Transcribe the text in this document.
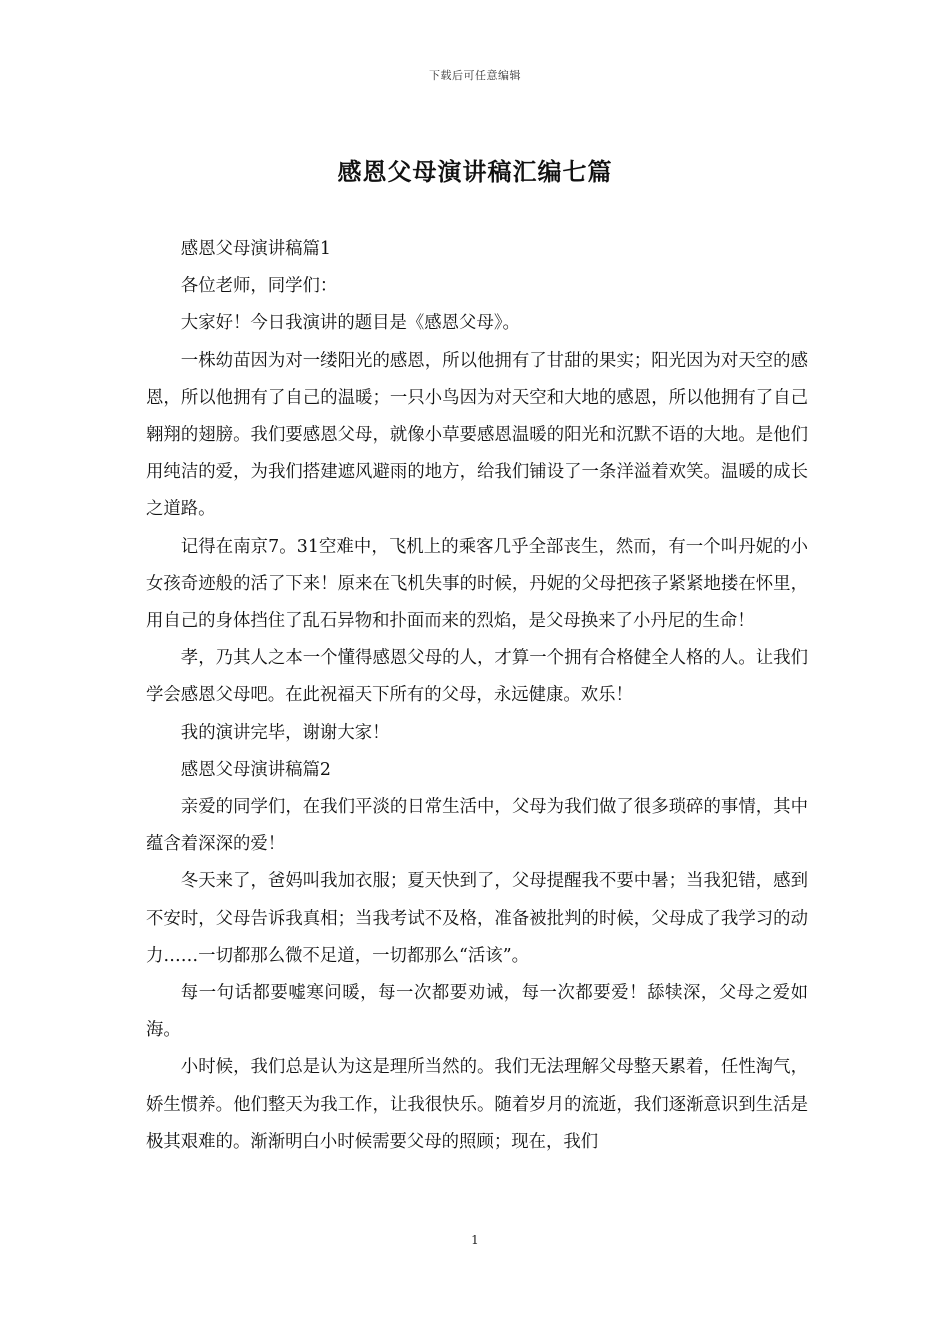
下载后可任意编辑
感恩父母演讲稿汇编七篇

感恩父母演讲稿篇1

各位老师，同学们：

大家好！今日我演讲的题目是《感恩父母》。

一株幼苗因为对一缕阳光的感恩，所以他拥有了甘甜的果实；阳光因为对天空的感恩，所以他拥有了自己的温暖；一只小鸟因为对天空和大地的感恩，所以他拥有了自己翱翔的翅膀。我们要感恩父母，就像小草要感恩温暖的阳光和沉默不语的大地。是他们用纯洁的爱，为我们搭建遮风避雨的地方，给我们铺设了一条洋溢着欢笑。温暖的成长之道路。

记得在南京7。31空难中，飞机上的乘客几乎全部丧生，然而，有一个叫丹妮的小女孩奇迹般的活了下来！原来在飞机失事的时候，丹妮的父母把孩子紧紧地搂在怀里，用自己的身体挡住了乱石异物和扑面而来的烈焰，是父母换来了小丹尼的生命！

孝，乃其人之本一个懂得感恩父母的人，才算一个拥有合格健全人格的人。让我们学会感恩父母吧。在此祝福天下所有的父母，永远健康。欢乐！

我的演讲完毕，谢谢大家！

感恩父母演讲稿篇2

亲爱的同学们，在我们平淡的日常生活中，父母为我们做了很多琐碎的事情，其中蕴含着深深的爱！

冬天来了，爸妈叫我加衣服；夏天快到了，父母提醒我不要中暑；当我犯错，感到不安时，父母告诉我真相；当我考试不及格，准备被批判的时候，父母成了我学习的动力……一切都那么微不足道，一切都那么“活该”。

每一句话都要嘘寒问暖，每一次都要劝诫，每一次都要爱！舔犊深，父母之爱如海。

小时候，我们总是认为这是理所当然的。我们无法理解父母整天累着，任性淘气，娇生惯养。他们整天为我工作，让我很快乐。随着岁月的流逝，我们逐渐意识到生活是极其艰难的。渐渐明白小时候需要父母的照顾；现在，我们

1
